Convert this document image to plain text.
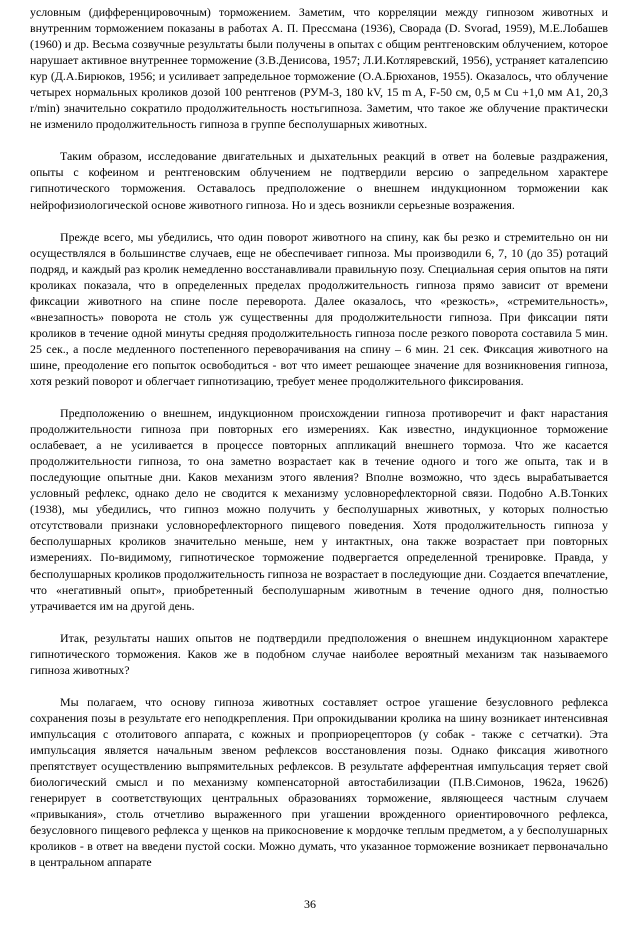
условным (дифференцировочным) торможением. Заметим, что корреляции между гипнозом животных и внутренним торможением показаны в работах А. П. Прессмана (1936), Сворада (D. Svorad, 1959), М.Е.Лобашев (1960) и др. Весьма созвучные результаты были получены в опытах с общим рентгеновским облучением, которое нарушает активное внутреннее торможение (З.В.Денисова, 1957; Л.И.Котляревский, 1956), устраняет каталепсию кур (Д.А.Бирюков, 1956; и усиливает запредельное торможение (О.А.Брюханов, 1955). Оказалось, что облучение четырех нормальных кроликов дозой 100 рентгенов (РУМ-3, 180 kV, 15 m A, F-50 см, 0,5 м Cu +1,0 мм A1, 20,3 r/min) значительно сократило продолжительность ностьгипноза. Заметим, что такое же облучение практически не изменило продолжительность гипноза в группе бесполушарных животных.

Таким образом, исследование двигательных и дыхательных реакций в ответ на болевые раздражения, опыты с кофеином и рентгеновским облучением не подтвердили версию о запредельном характере гипнотического торможения. Оставалось предположение о внешнем индукционном торможении как нейрофизиологической основе животного гипноза. Но и здесь возникли серьезные возражения.

Прежде всего, мы убедились, что один поворот животного на спину, как бы резко и стремительно он ни осуществлялся в большинстве случаев, еще не обеспечивает гипноза. Мы производили 6, 7, 10 (до 35) ротаций подряд, и каждый раз кролик немедленно восстанавливали правильную позу. Специальная серия опытов на пяти кроликах показала, что в определенных пределах продолжительность гипноза прямо зависит от времени фиксации животного на спине после переворота. Далее оказалось, что «резкость», «стремительность», «внезапность» поворота не столь уж существенны для продолжительности гипноза. При фиксации пяти кроликов в течение одной минуты средняя продолжительность гипноза после резкого поворота составила 5 мин. 25 сек., а после медленного постепенного переворачивания на спину – 6 мин. 21 сек. Фиксация животного на шине, преодоление его попыток освободиться - вот что имеет решающее значение для возникновения гипноза, хотя резкий поворот и облегчает гипнотизацию, требует менее продолжительного фиксирования.

Предположению о внешнем, индукционном происхождении гипноза противоречит и факт нарастания продолжительности гипноза при повторных его измерениях. Как известно, индукционное торможение ослабевает, а не усиливается в процессе повторных аппликаций внешнего тормоза. Что же касается продолжительности гипноза, то она заметно возрастает как в течение одного и того же опыта, так и в последующие опытные дни. Каков механизм этого явления? Вполне возможно, что здесь вырабатывается условный рефлекс, однако дело не сводится к механизму условнорефлекторной связи. Подобно А.В.Тонких (1938), мы убедились, что гипноз можно получить у бесполушарных животных, у которых полностью отсутствовали признаки условнорефлекторного пищевого поведения. Хотя продолжительность гипноза у бесполушарных кроликов значительно меньше, нем у интактных, она также возрастает при повторных измерениях. По-видимому, гипнотическое торможение подвергается определенной тренировке. Правда, у бесполушарных кроликов продолжительность гипноза не возрастает в последующие дни. Создается впечатление, что «негативный опыт», приобретенный бесполушарным животным в течение одного дня, полностью утрачивается им на другой день.

Итак, результаты наших опытов не подтвердили предположения о внешнем индукционном характере гипнотического торможения. Каков же в подобном случае наиболее вероятный механизм так называемого гипноза животных?

Мы полагаем, что основу гипноза животных составляет острое угашение безусловного рефлекса сохранения позы в результате его неподкрепления. При опрокидывании кролика на шину возникает интенсивная импульсация с отолитового аппарата, с кожных и проприорецепторов (у собак - также с сетчатки). Эта импульсация является начальным звеном рефлексов восстановления позы. Однако фиксация животного препятствует осуществлению выпрямительных рефлексов. В результате афферентная импульсация теряет свой биологический смысл и по механизму компенсаторной автостабилизации (П.В.Симонов, 1962а, 1962б) генерирует в соответствующих центральных образованиях торможение, являющееся частным случаем «привыкания», столь отчетливо выраженного при угашении врожденного ориентировочного рефлекса, безусловного пищевого рефлекса у щенков на прикосновение к мордочке теплым предметом, а у бесполушарных кроликов - в ответ на введени пустой соски. Можно думать, что указанное торможение возникает первоначально в центральном аппарате

36
